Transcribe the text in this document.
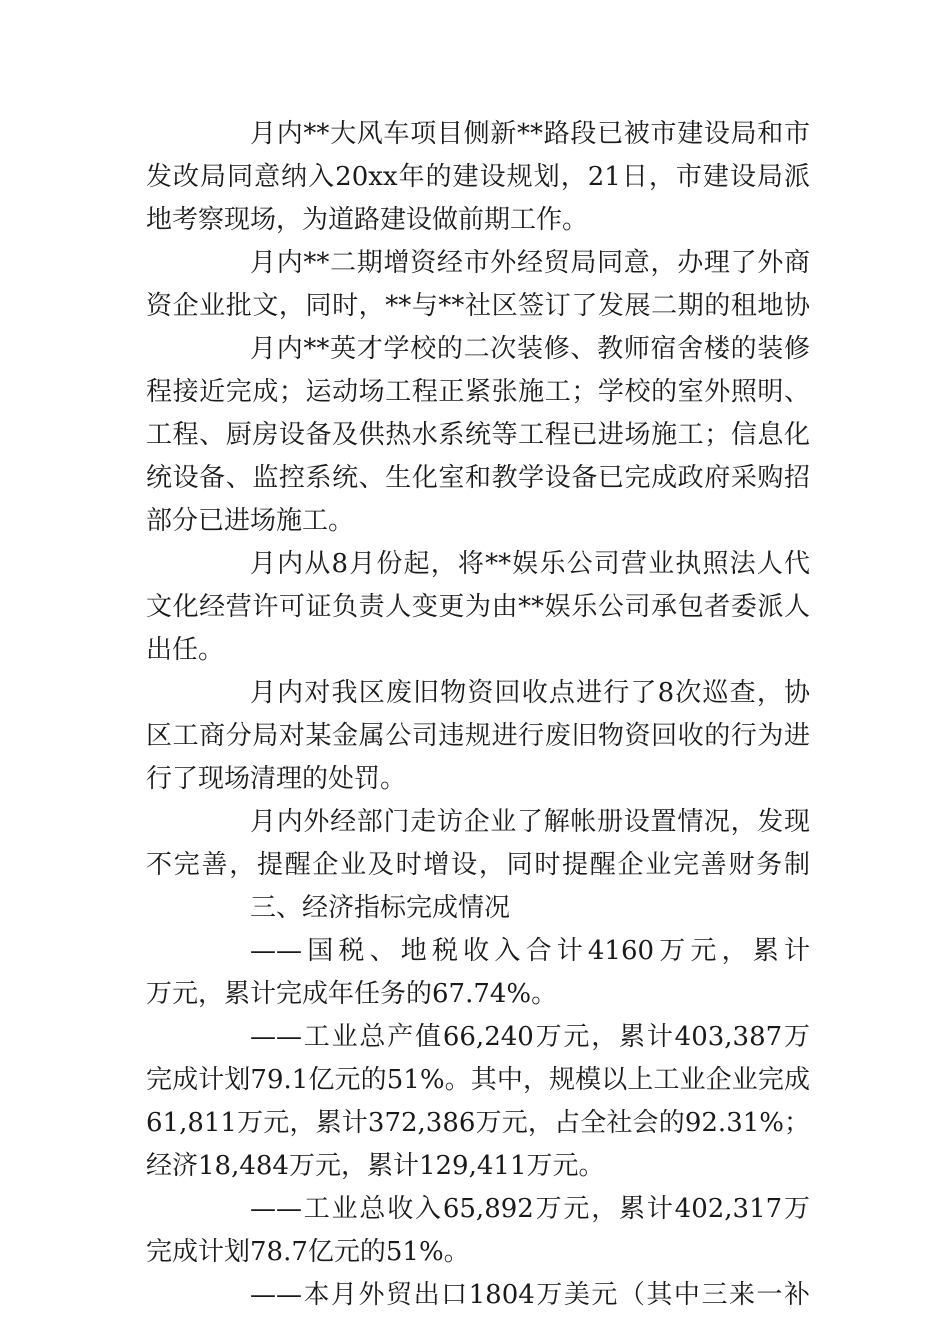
月内**大风车项目侧新**路段已被市建设局和市
发改局同意纳入20xx年的建设规划，21日，市建设局派
地考察现场，为道路建设做前期工作。
月内**二期增资经市外经贸局同意，办理了外商
资企业批文，同时，**与**社区签订了发展二期的租地协
月内**英才学校的二次装修、教师宿舍楼的装修
程接近完成；运动场工程正紧张施工；学校的室外照明、
工程、厨房设备及供热水系统等工程已进场施工；信息化
统设备、监控系统、生化室和教学设备已完成政府采购招
部分已进场施工。
月内从8月份起，将**娱乐公司营业执照法人代
文化经营许可证负责人变更为由**娱乐公司承包者委派人
出任。
月内对我区废旧物资回收点进行了8次巡查，协
区工商分局对某金属公司违规进行废旧物资回收的行为进
行了现场清理的处罚。
月内外经部门走访企业了解帐册设置情况，发现
不完善，提醒企业及时增设，同时提醒企业完善财务制
三、经济指标完成情况
——国税、地税收入合计4160万元，累计
万元，累计完成年任务的67.74%。
——工业总产值66,240万元，累计403,387万
完成计划79.1亿元的51%。其中，规模以上工业企业完成
61,811万元，累计372,386万元，占全社会的92.31%；
经济18,484万元，累计129,411万元。
——工业总收入65,892万元，累计402,317万
完成计划78.7亿元的51%。
——本月外贸出口1804万美元（其中三来一补
